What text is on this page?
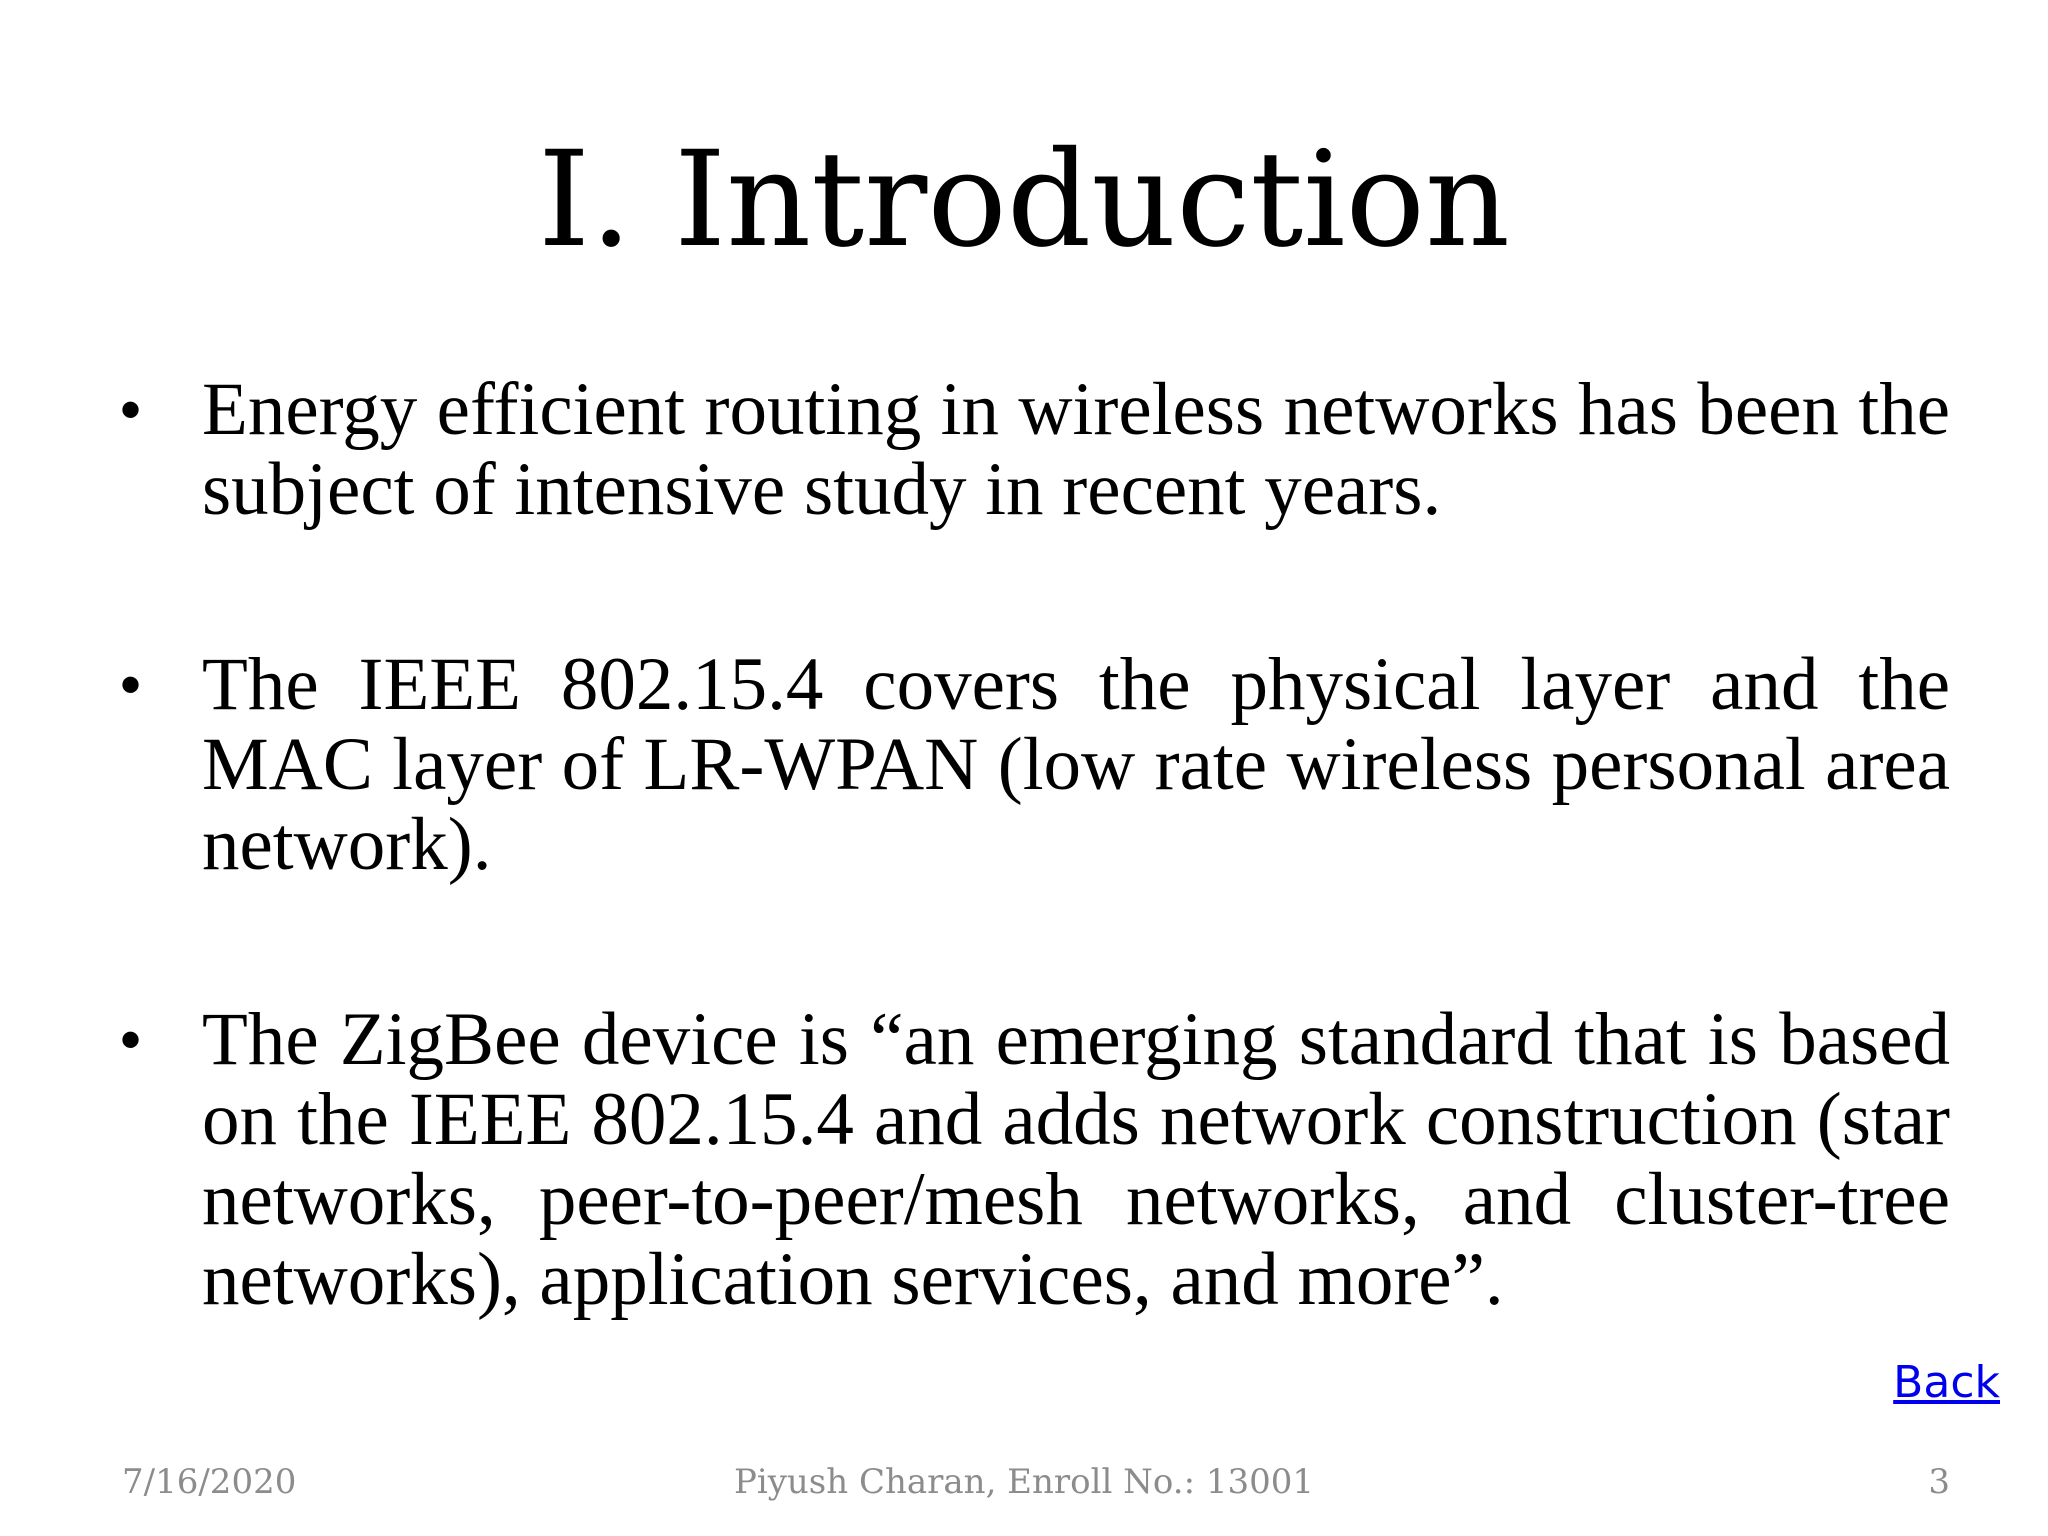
I. Introduction
• Energy efficient routing in wireless networks has been the subject of intensive study in recent years.
• The IEEE 802.15.4 covers the physical layer and the MAC layer of LR-WPAN (low rate wireless personal area network).
• The ZigBee device is “an emerging standard that is based on the IEEE 802.15.4 and adds network construction (star networks, peer-to-peer/mesh networks, and cluster-tree networks), application services, and more”.
Back
7/16/2020	Piyush Charan, Enroll No.: 13001	3
